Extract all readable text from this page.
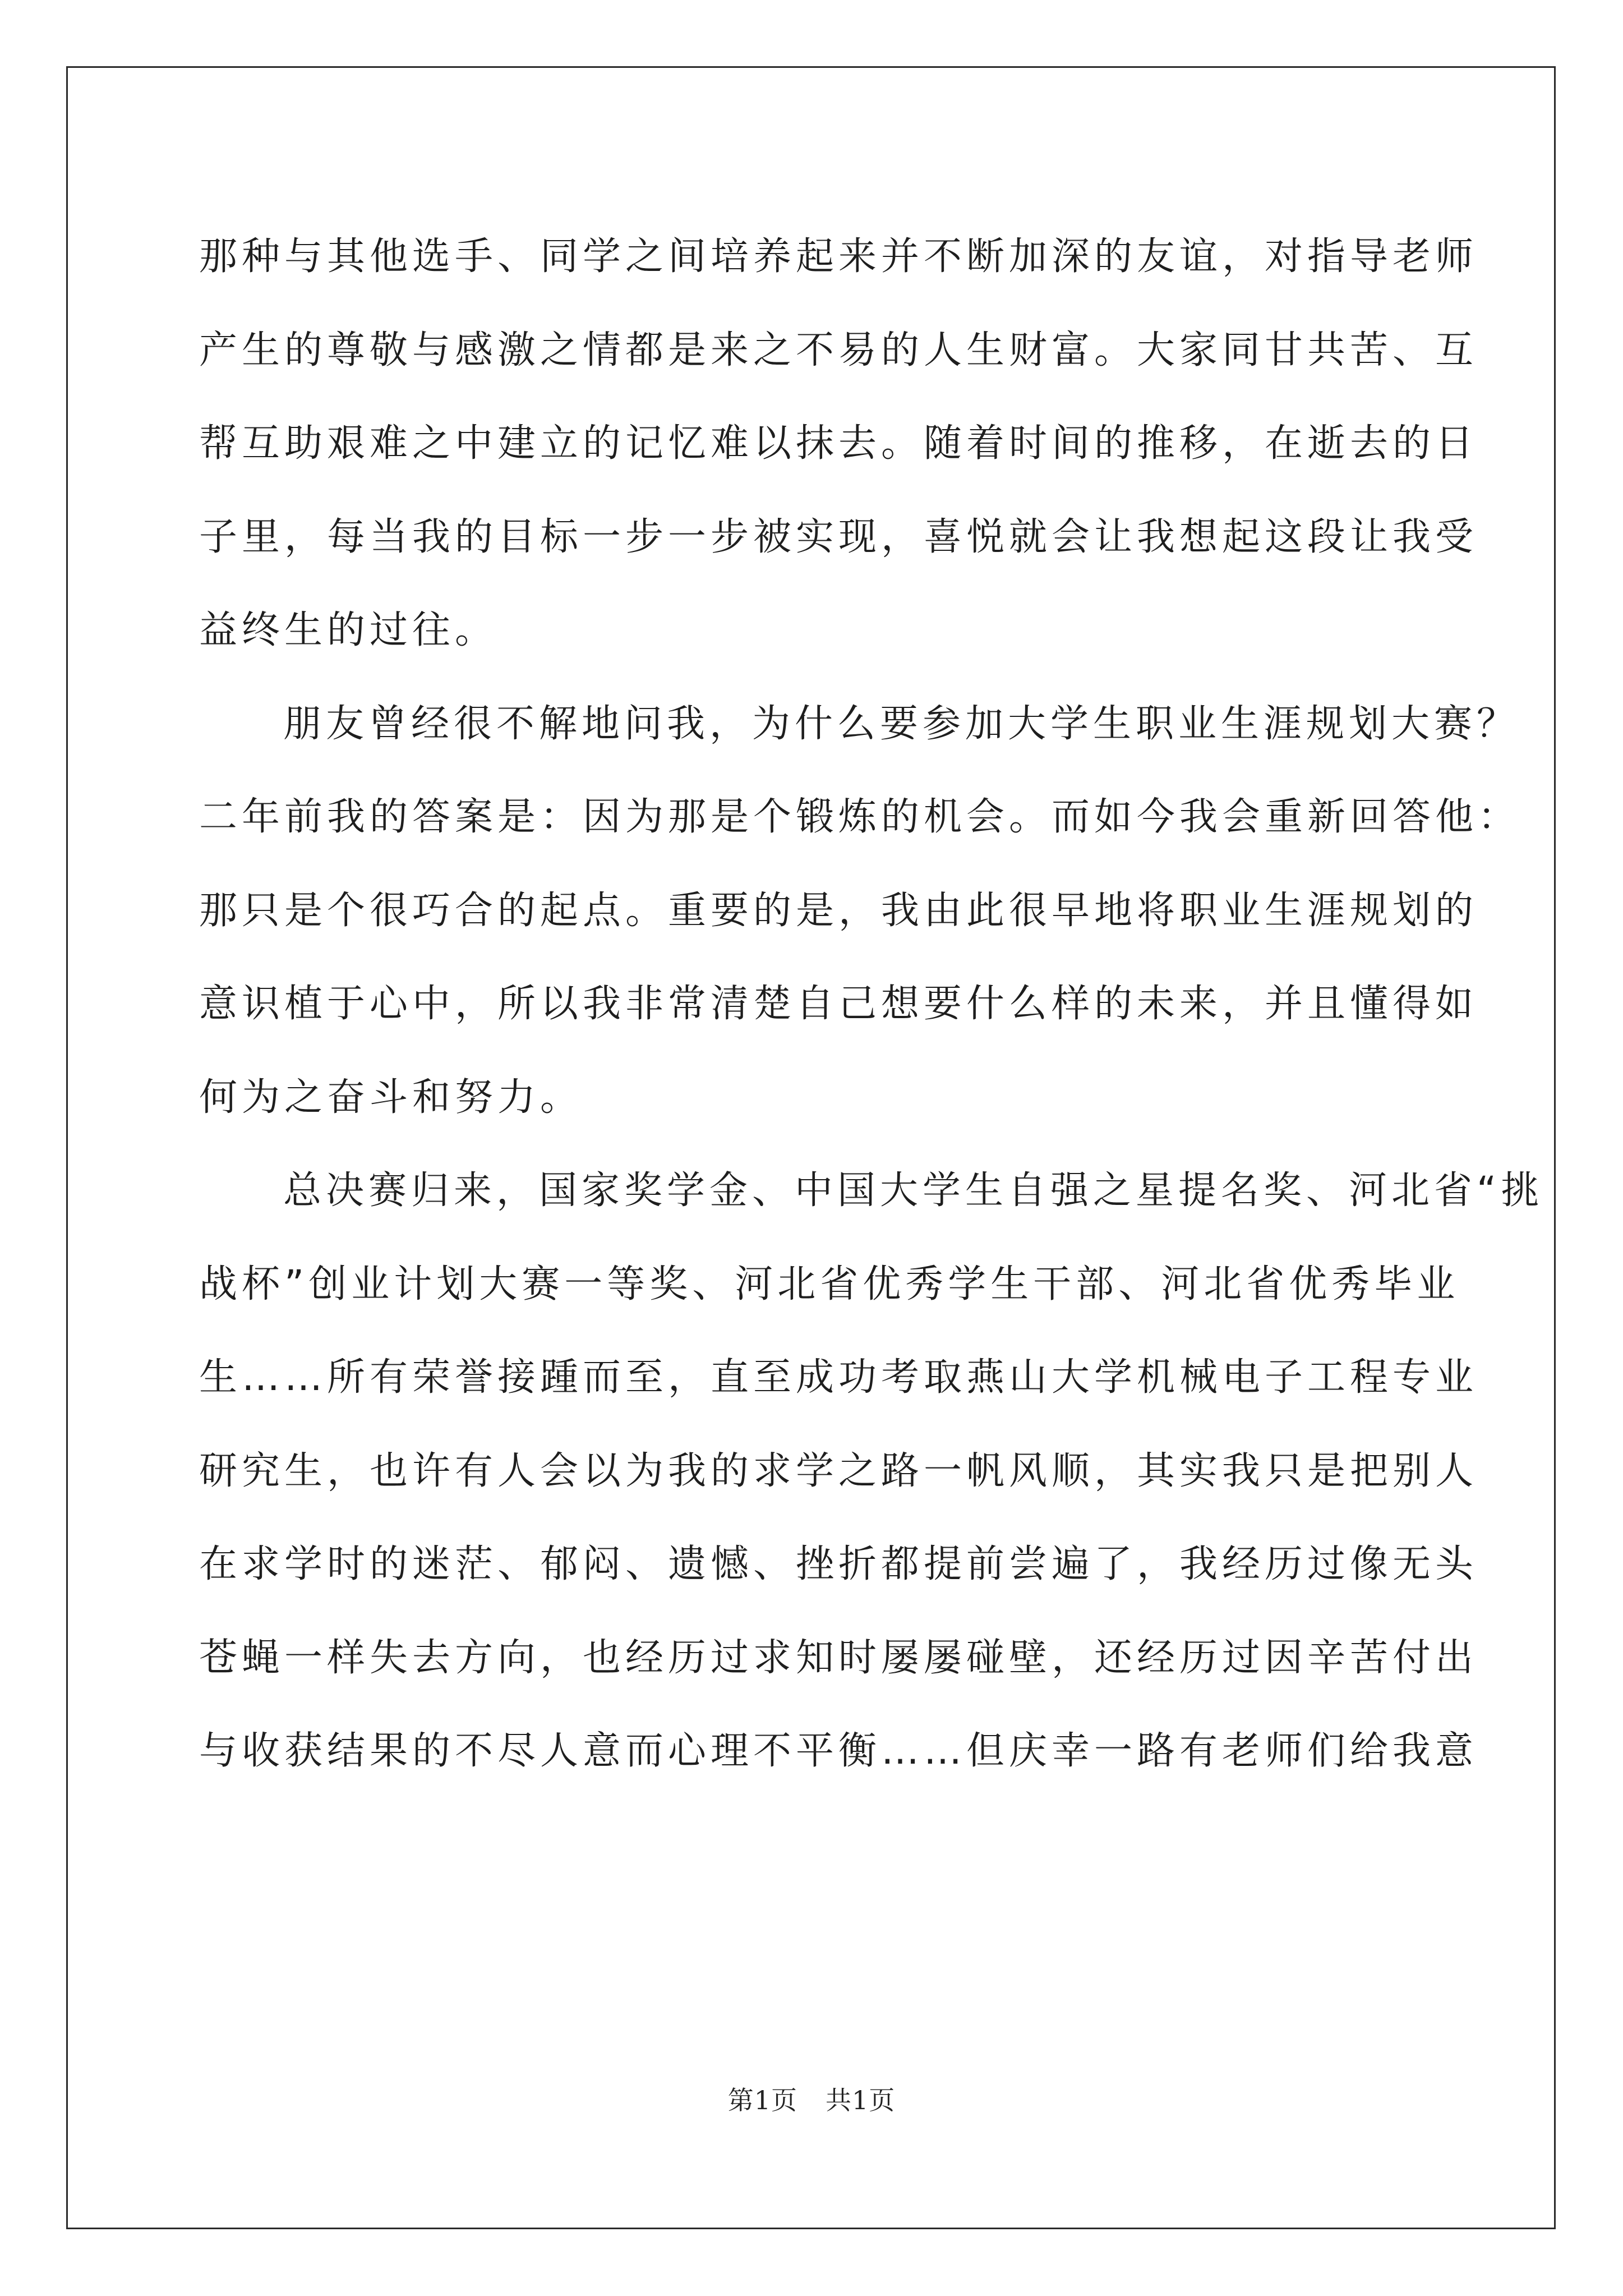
那种与其他选手、同学之间培养起来并不断加深的友谊，对指导老师
产生的尊敬与感激之情都是来之不易的人生财富。大家同甘共苦、互
帮互助艰难之中建立的记忆难以抹去。随着时间的推移，在逝去的日
子里，每当我的目标一步一步被实现，喜悦就会让我想起这段让我受
益终生的过往。
朋友曾经很不解地问我，为什么要参加大学生职业生涯规划大赛？
二年前我的答案是：因为那是个锻炼的机会。而如今我会重新回答他：
那只是个很巧合的起点。重要的是，我由此很早地将职业生涯规划的
意识植于心中，所以我非常清楚自己想要什么样的未来，并且懂得如
何为之奋斗和努力。
总决赛归来，国家奖学金、中国大学生自强之星提名奖、河北省“挑
战杯”创业计划大赛一等奖、河北省优秀学生干部、河北省优秀毕业
生……所有荣誉接踵而至，直至成功考取燕山大学机械电子工程专业
研究生，也许有人会以为我的求学之路一帆风顺，其实我只是把别人
在求学时的迷茫、郁闷、遗憾、挫折都提前尝遍了，我经历过像无头
苍蝇一样失去方向，也经历过求知时屡屡碰壁，还经历过因辛苦付出
与收获结果的不尽人意而心理不平衡……但庆幸一路有老师们给我意
第1页 共1页
